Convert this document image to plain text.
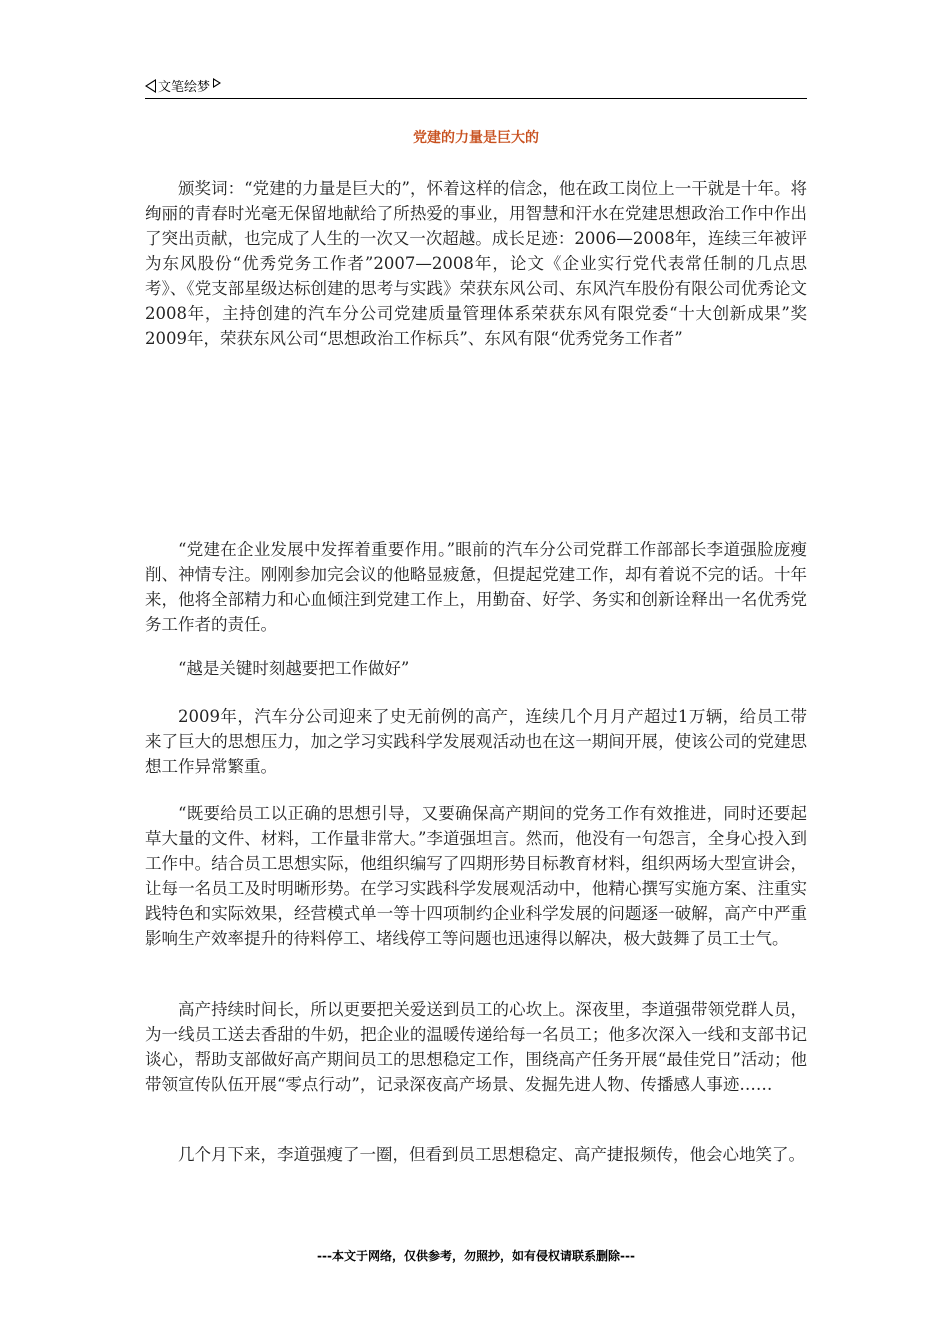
文笔绘梦
党建的力量是巨大的

颁奖词：“党建的力量是巨大的”，怀着这样的信念，他在政工岗位上一干就是十年。将绚丽的青春时光毫无保留地献给了所热爱的事业，用智慧和汗水在党建思想政治工作中作出了突出贡献，也完成了人生的一次又一次超越。成长足迹：2006—2008年，连续三年被评为东风股份“优秀党务工作者”2007—2008年，论文《企业实行党代表常任制的几点思考》、《党支部星级达标创建的思考与实践》荣获东风公司、东风汽车股份有限公司优秀论文2008年，主持创建的汽车分公司党建质量管理体系荣获东风有限党委“十大创新成果”奖2009年，荣获东风公司“思想政治工作标兵”、东风有限“优秀党务工作者”

“党建在企业发展中发挥着重要作用。”眼前的汽车分公司党群工作部部长李道强脸庞瘦削、神情专注。刚刚参加完会议的他略显疲惫，但提起党建工作，却有着说不完的话。十年来，他将全部精力和心血倾注到党建工作上，用勤奋、好学、务实和创新诠释出一名优秀党务工作者的责任。

“越是关键时刻越要把工作做好”

2009年，汽车分公司迎来了史无前例的高产，连续几个月月产超过1万辆，给员工带来了巨大的思想压力，加之学习实践科学发展观活动也在这一期间开展，使该公司的党建思想工作异常繁重。

“既要给员工以正确的思想引导，又要确保高产期间的党务工作有效推进，同时还要起草大量的文件、材料，工作量非常大。”李道强坦言。然而，他没有一句怨言，全身心投入到工作中。结合员工思想实际，他组织编写了四期形势目标教育材料，组织两场大型宣讲会，让每一名员工及时明晰形势。在学习实践科学发展观活动中，他精心撰写实施方案、注重实践特色和实际效果，经营模式单一等十四项制约企业科学发展的问题逐一破解，高产中严重影响生产效率提升的待料停工、堵线停工等问题也迅速得以解决，极大鼓舞了员工士气。

高产持续时间长，所以更要把关爱送到员工的心坎上。深夜里，李道强带领党群人员，为一线员工送去香甜的牛奶，把企业的温暖传递给每一名员工；他多次深入一线和支部书记谈心，帮助支部做好高产期间员工的思想稳定工作，围绕高产任务开展“最佳党日”活动；他带领宣传队伍开展“零点行动”，记录深夜高产场景、发掘先进人物、传播感人事迹……

几个月下来，李道强瘦了一圈，但看到员工思想稳定、高产捷报频传，他会心地笑了。

---本文于网络，仅供参考，勿照抄，如有侵权请联系删除---
